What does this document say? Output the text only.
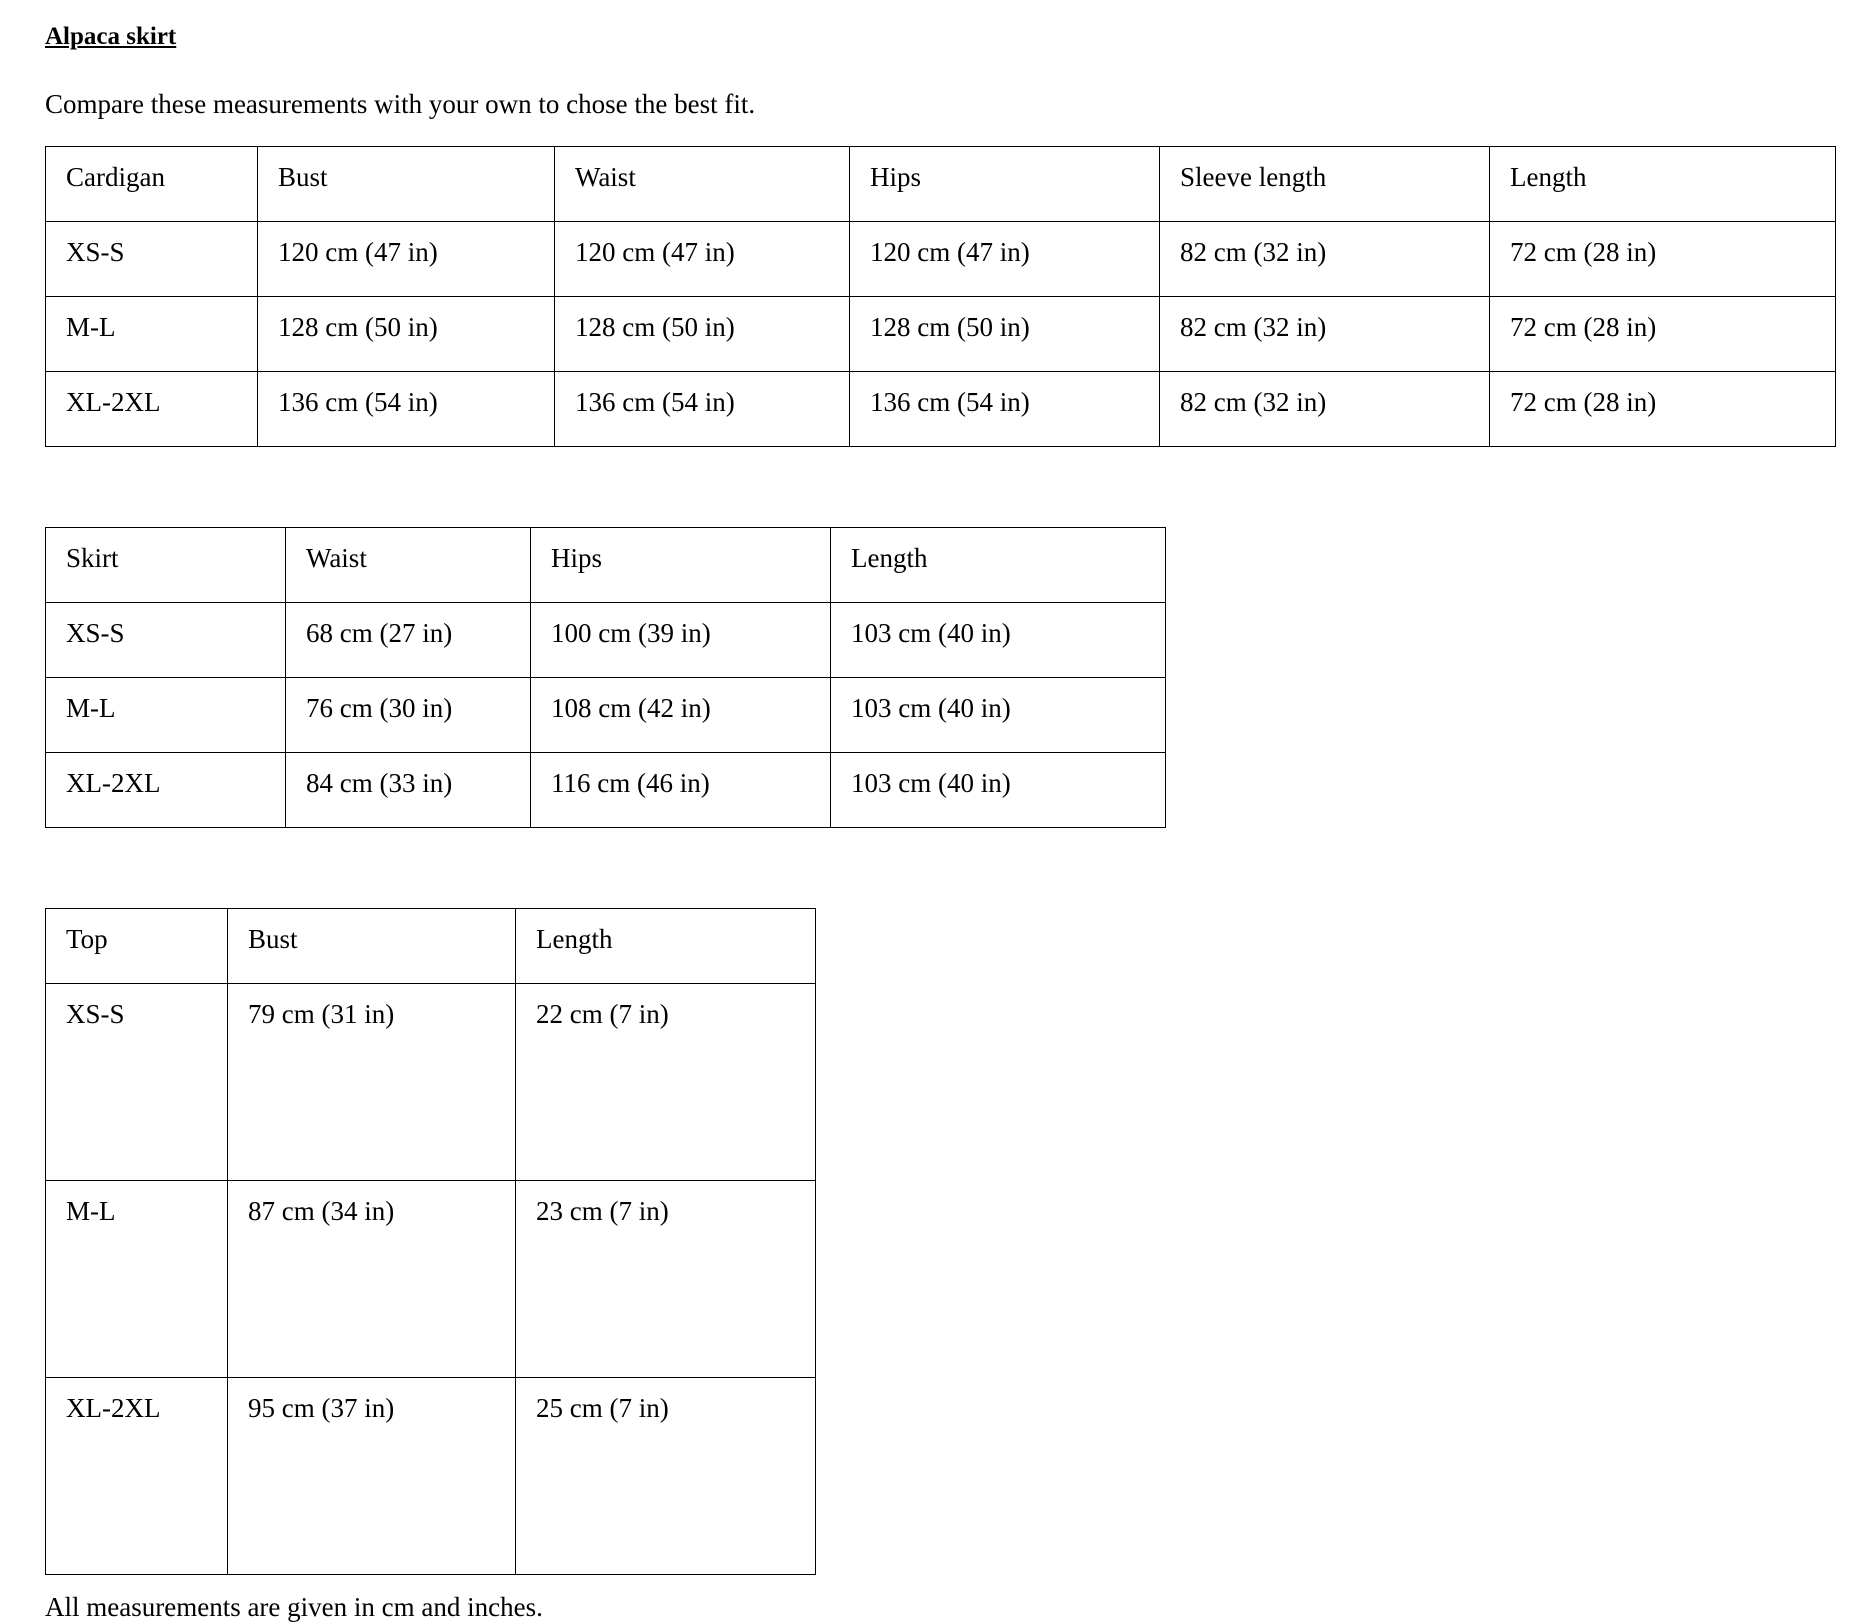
Alpaca skirt

Compare these measurements with your own to chose the best fit.

Cardigan	Bust	Waist	Hips	Sleeve length	Length
XS-S	120 cm (47 in)	120 cm (47 in)	120 cm (47 in)	82 cm (32 in)	72 cm (28 in)
M-L	128 cm (50 in)	128 cm (50 in)	128 cm (50 in)	82 cm (32 in)	72 cm (28 in)
XL-2XL	136 cm (54 in)	136 cm (54 in)	136 cm (54 in)	82 cm (32 in)	72 cm (28 in)
Skirt	Waist	Hips	Length
XS-S	68 cm (27 in)	100 cm (39 in)	103 cm (40 in)
M-L	76 cm (30 in)	108 cm (42 in)	103 cm (40 in)
XL-2XL	84 cm (33 in)	116 cm (46 in)	103 cm (40 in)
Top	Bust	Length
XS-S	79 cm (31 in)	22 cm (7 in)
M-L	87 cm (34 in)	23 cm (7 in)
XL-2XL	95 cm (37 in)	25 cm (7 in)

All measurements are given in cm and inches.
